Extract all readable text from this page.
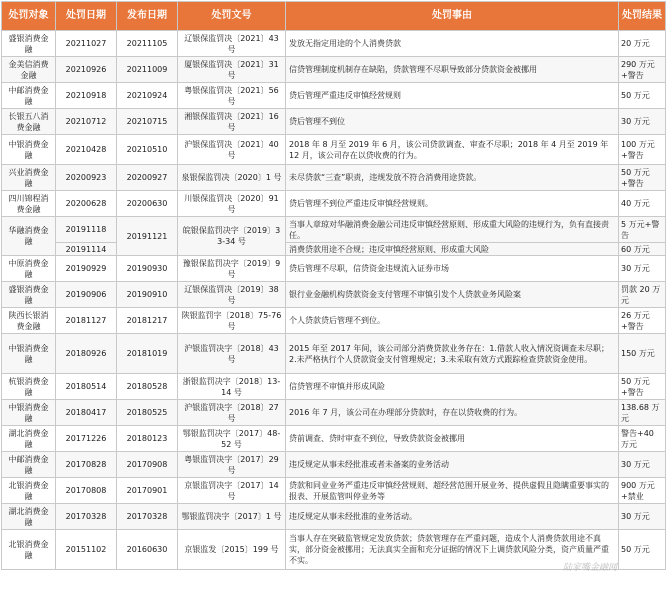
处罚对象	处罚日期	发布日期	处罚文号	处罚事由	处罚结果
盛银消费金融	20211027	20211105	辽银保监罚决〔2021〕43 号	发放无指定用途的个人消费贷款	20 万元
金美信消费金融	20210926	20211009	厦银保监罚决〔2021〕31 号	信贷管理制度机制存在缺陷，贷款管理不尽职导致部分贷款资金被挪用	290 万元+警告
中邮消费金融	20210918	20210924	粤银保监罚决〔2021〕56 号	贷后管理严重违反审慎经营规则	50 万元
长银五八消费金融	20210712	20210715	湘银保监罚决〔2021〕16 号	贷后管理不到位	30 万元
中银消费金融	20210428	20210510	沪银保监罚决〔2021〕40 号	2018 年 8 月至 2019 年 6 月，该公司贷款调查、审查不尽职；2018 年 4 月至 2019 年 12 月，该公司存在以贷收费的行为。	100 万元+警告
兴业消费金融	20200923	20200927	泉银保监罚决〔2020〕1 号	未尽贷款“三查”职责，违规发放不符合消费用途贷款。	50 万元+警告
四川锦程消费金融	20200628	20200630	川银保监罚决〔2020〕91 号	贷后管理不到位严重违反审慎经营规则。	40 万元
华融消费金融	20191118	20191121	皖银保监罚决字〔2019〕33-34 号	当事人章琼对华融消费金融公司违反审慎经营原则、形成重大风险的违规行为，负有直接责任。	5 万元+警告
	20191114			消费贷款用途不合规；违反审慎经营原则、形成重大风险	60 万元
中原消费金融	20190929	20190930	豫银保监罚决字〔2019〕9 号	贷后管理不尽职，信贷资金违规流入证券市场	30 万元
盛银消费金融	20190906	20190910	辽银保监罚决〔2019〕38 号	银行业金融机构贷款资金支付管理不审慎引发个人贷款业务风险案	罚款 20 万元
陕西长银消费金融	20181127	20181217	陕银监罚字〔2018〕75-76 号	个人贷款贷后管理不到位。	26 万元+警告
中银消费金融	20180926	20181019	沪银监罚决字〔2018〕43 号	2015 年至 2017 年间，该公司部分消费贷款业务存在：1.借款人收入情况资调查未尽职；2.未严格执行个人贷款资金支付管理规定；3.未采取有效方式跟踪检查贷款资金使用。	150 万元
杭银消费金融	20180514	20180528	浙银监罚决字〔2018〕13-14 号	信贷管理不审慎并形成风险	50 万元+警告
中银消费金融	20180417	20180525	沪银监罚决字〔2018〕27 号	2016 年 7 月，该公司在办理部分贷款时，存在以贷收费的行为。	138.68 万元
湖北消费金融	20171226	20180123	鄂银监罚决字〔2017〕48-52 号	贷前调查、贷时审查不到位，导致贷款资金被挪用	警告+40 万元
中邮消费金融	20170828	20170908	粤银监罚决字〔2017〕29 号	违反规定从事未经批准或者未备案的业务活动	30 万元
北银消费金融	20170808	20170901	京银监罚决字〔2017〕14 号	贷款和同业业务严重违反审慎经营规则、超经营范围开展业务、提供虚假且隐瞒重要事实的报表、开展监管叫停业务等	900 万元+禁业
湖北消费金融	20170328	20170328	鄂银监罚决字〔2017〕1 号	违反规定从事未经批准的业务活动。	30 万元
北银消费金融	20151102	20160630	京银监发〔2015〕199 号	当事人存在突破监管规定发放贷款；贷款管理存在严重问题，造成个人消费贷款用途不真实，部分资金被挪用；无法真实全面和充分证据的情况下上调贷款风险分类，资产质量严重不实。	50 万元
陆家嘴金融网
